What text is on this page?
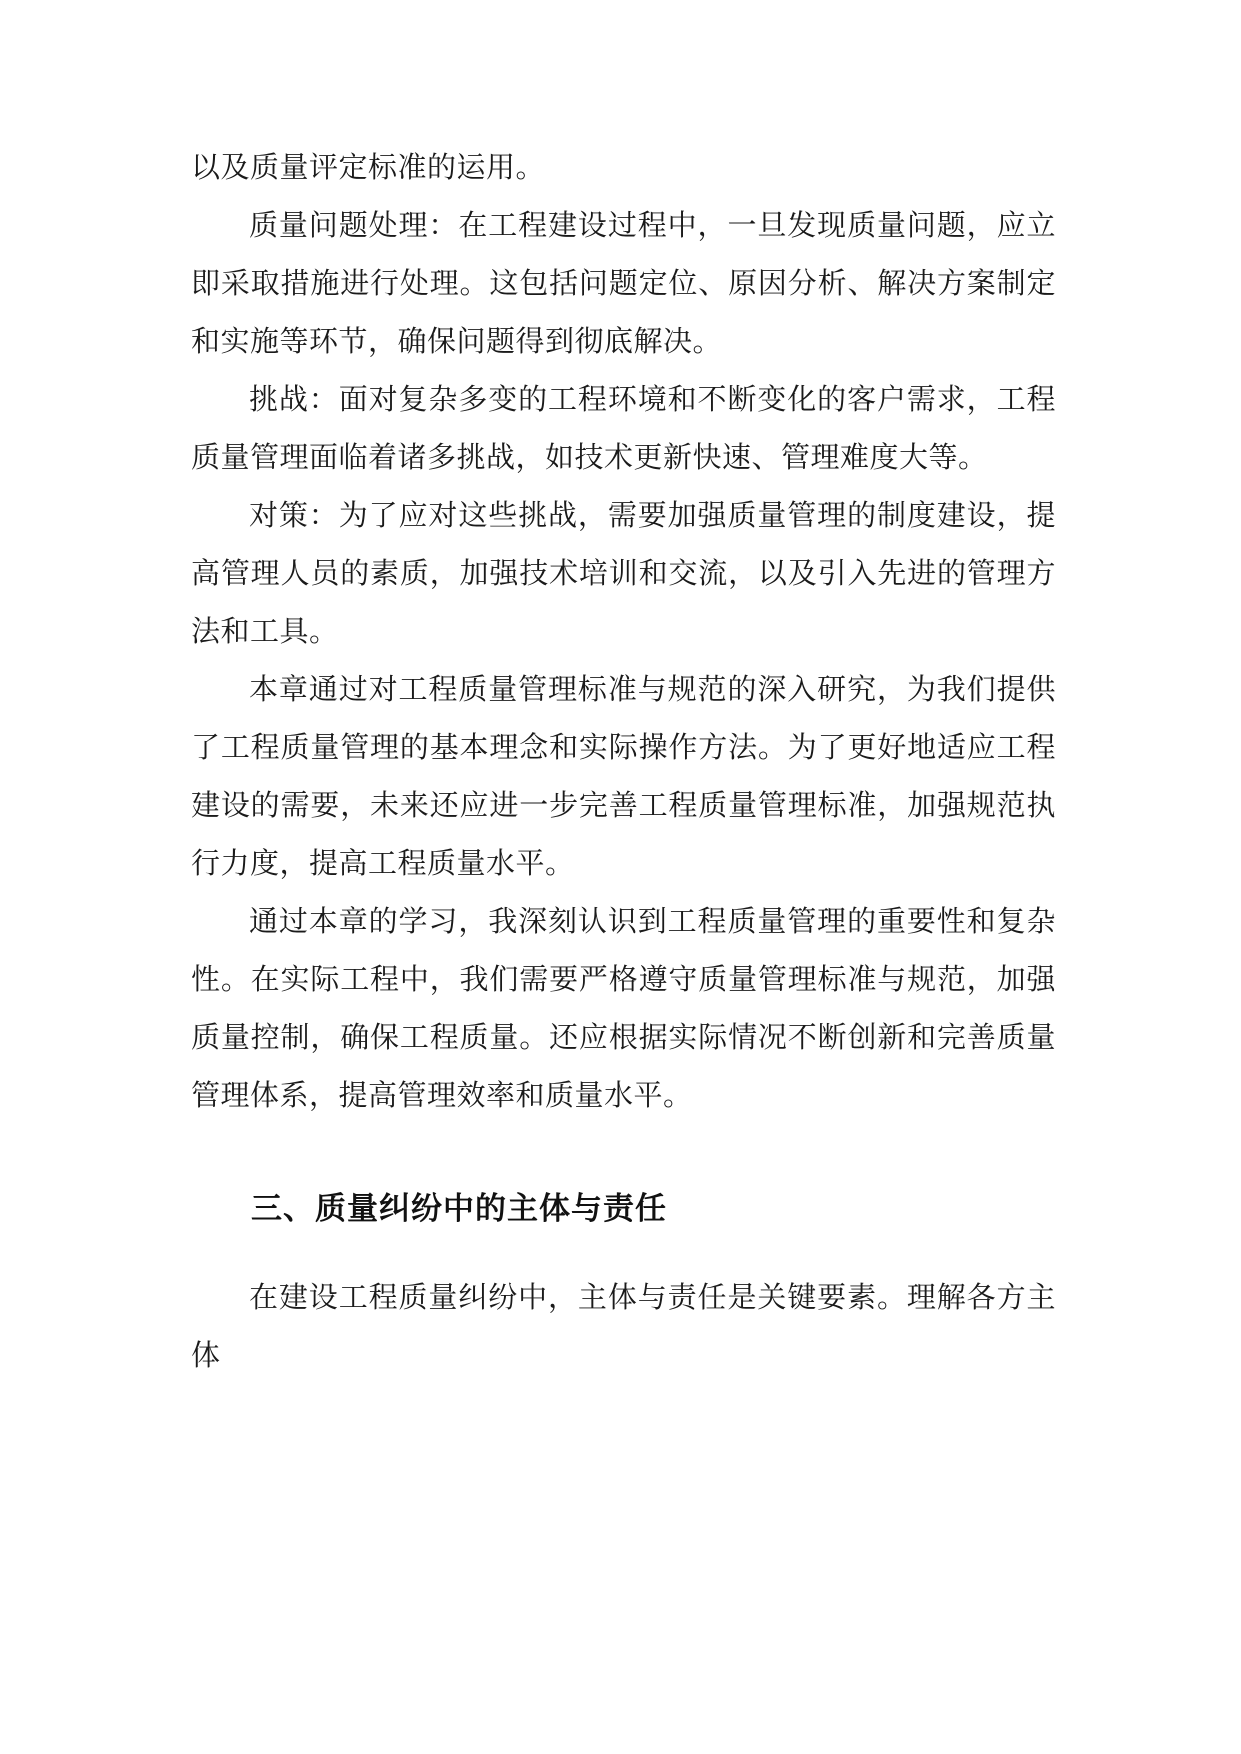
以及质量评定标准的运用。

质量问题处理：在工程建设过程中，一旦发现质量问题，应立即采取措施进行处理。这包括问题定位、原因分析、解决方案制定和实施等环节，确保问题得到彻底解决。

挑战：面对复杂多变的工程环境和不断变化的客户需求，工程质量管理面临着诸多挑战，如技术更新快速、管理难度大等。

对策：为了应对这些挑战，需要加强质量管理的制度建设，提高管理人员的素质，加强技术培训和交流，以及引入先进的管理方法和工具。

本章通过对工程质量管理标准与规范的深入研究，为我们提供了工程质量管理的基本理念和实际操作方法。为了更好地适应工程建设的需要，未来还应进一步完善工程质量管理标准，加强规范执行力度，提高工程质量水平。

通过本章的学习，我深刻认识到工程质量管理的重要性和复杂性。在实际工程中，我们需要严格遵守质量管理标准与规范，加强质量控制，确保工程质量。还应根据实际情况不断创新和完善质量管理体系，提高管理效率和质量水平。

三、质量纠纷中的主体与责任

在建设工程质量纠纷中，主体与责任是关键要素。理解各方主体
